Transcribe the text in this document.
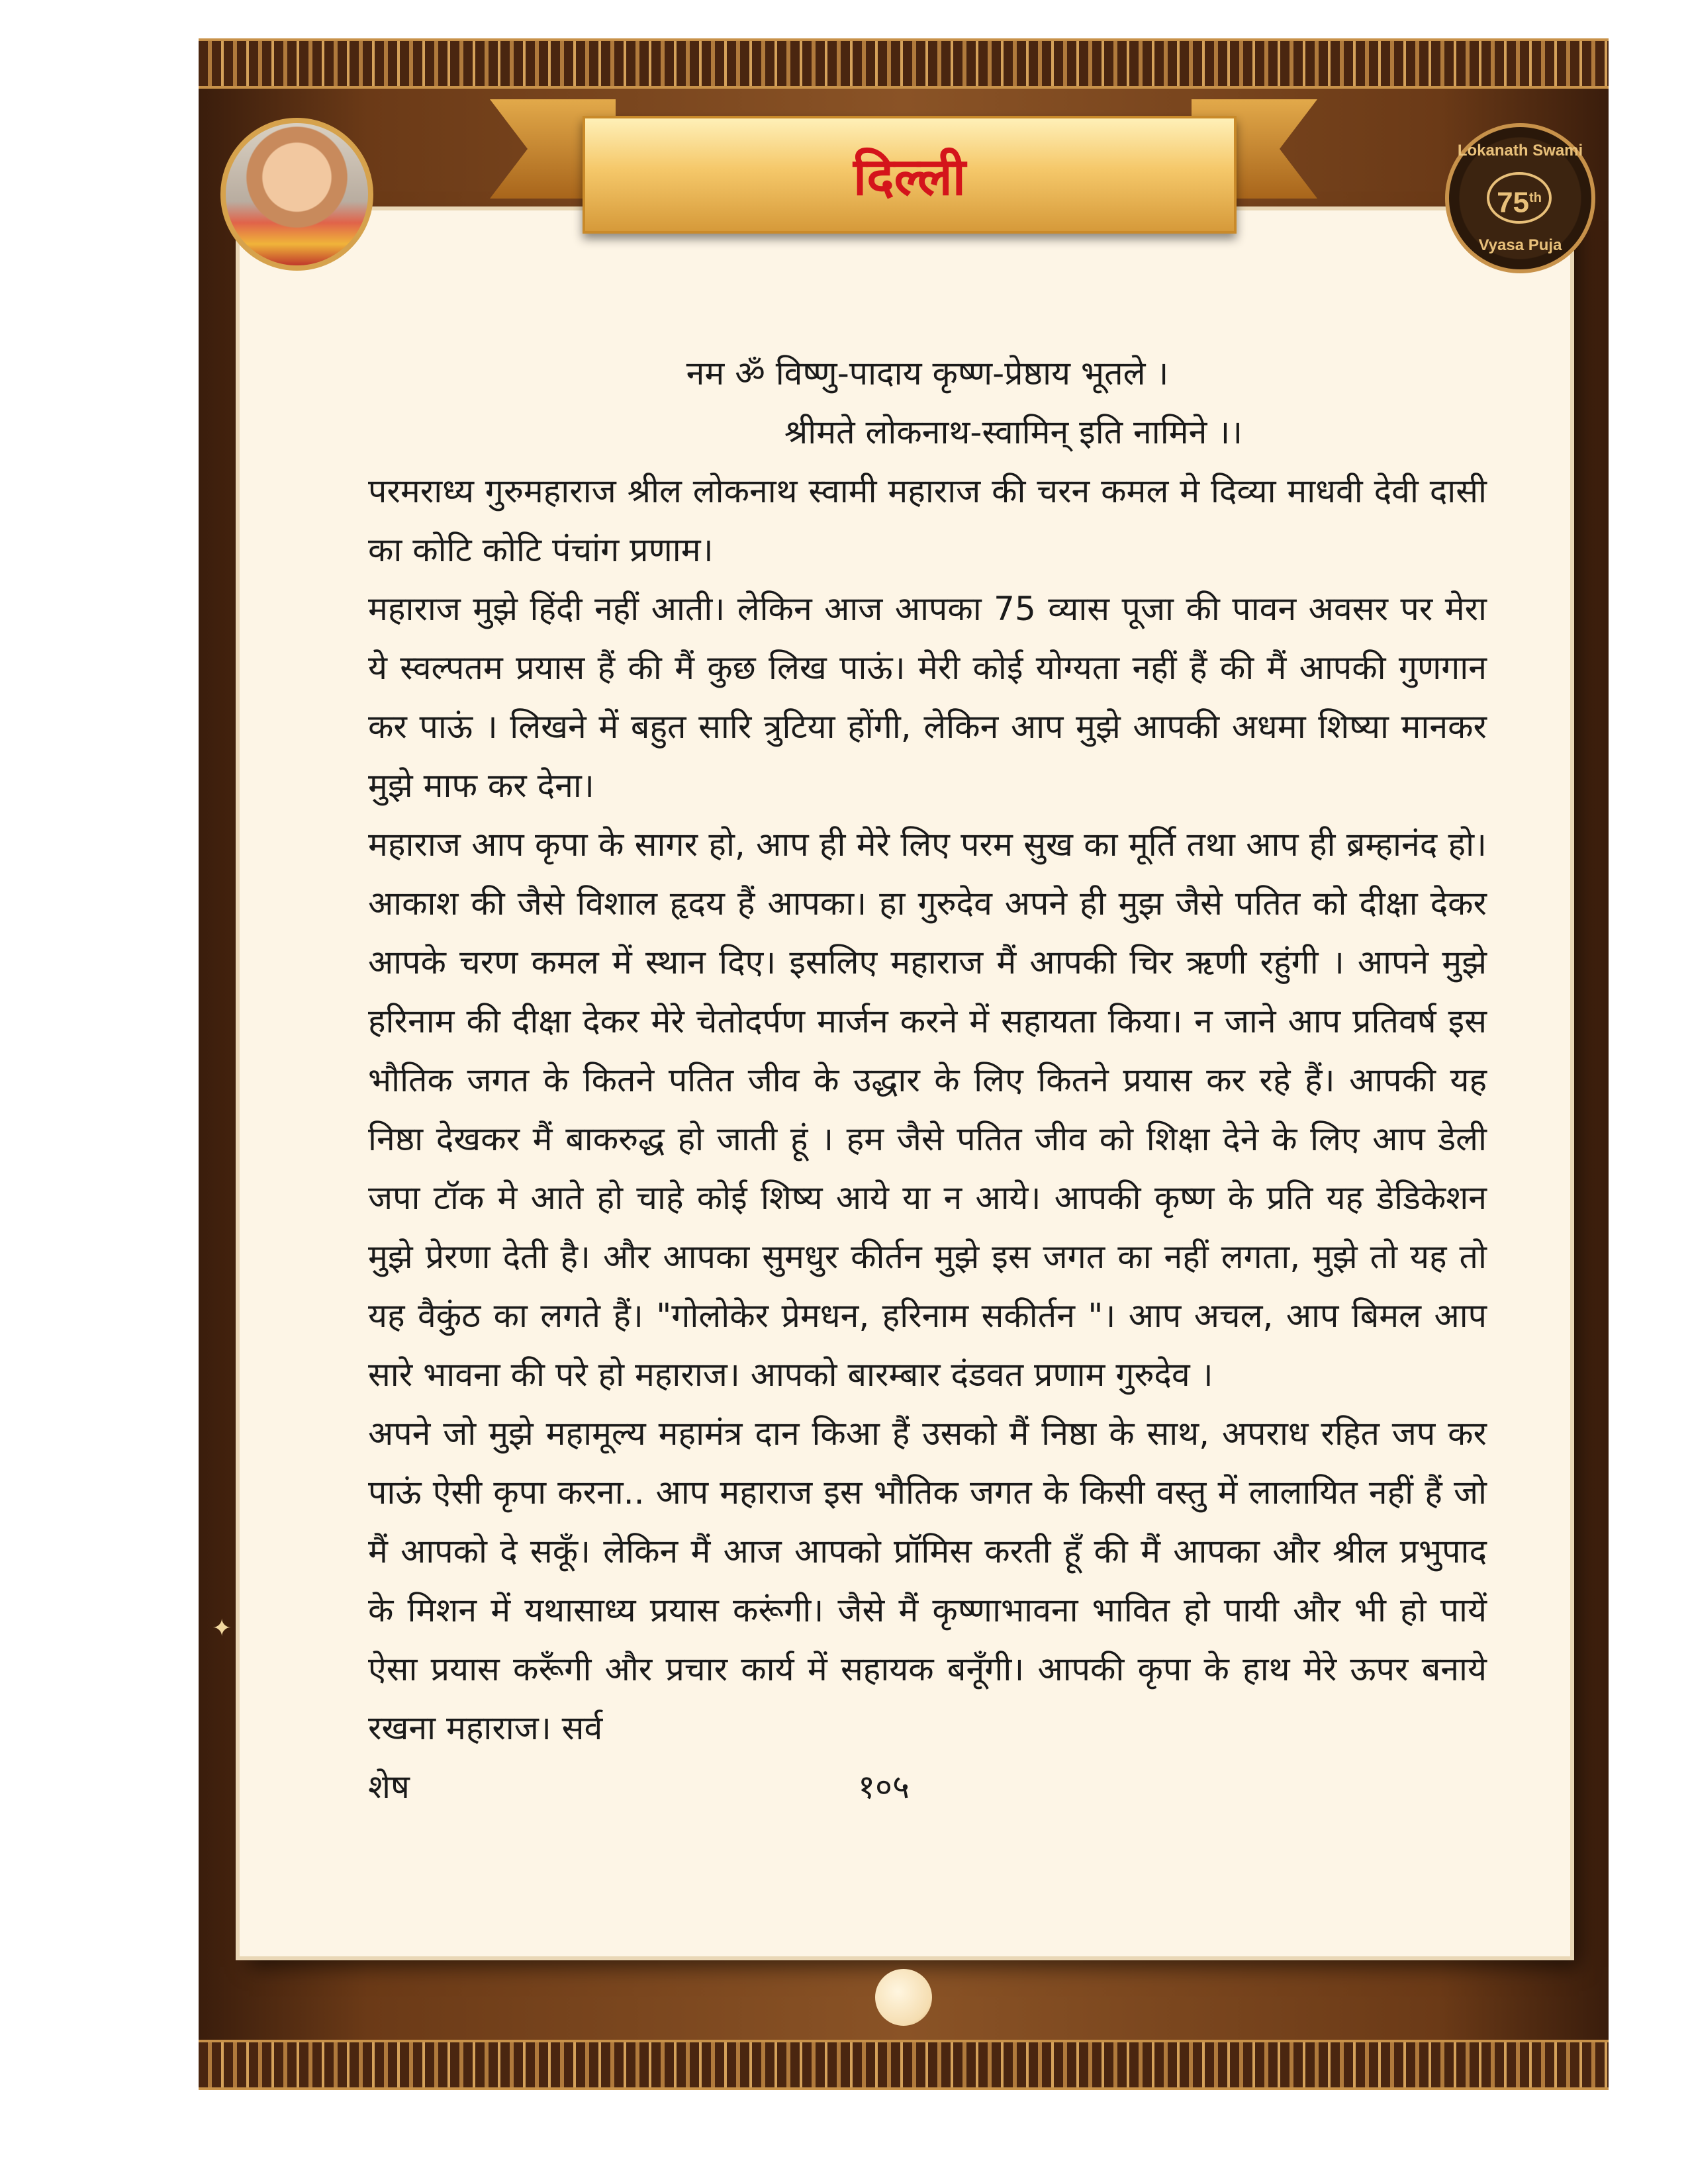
✦
दिल्ली	Lokanath Swami
75th
Vyasa Puja

नम ॐ विष्णु-पादाय कृष्ण-प्रेष्ठाय भूतले ।

श्रीमते लोकनाथ-स्वामिन् इति नामिने ।।

परमराध्य गुरुमहाराज श्रील लोकनाथ स्वामी महाराज की चरन कमल मे दिव्या माधवी देवी दासी का कोटि कोटि पंचांग प्रणाम।

महाराज मुझे हिंदी नहीं आती। लेकिन आज आपका 75 व्यास पूजा की पावन अवसर पर मेरा ये स्वल्पतम प्रयास हैं की मैं कुछ लिख पाऊं। मेरी कोई योग्यता नहीं हैं की मैं आपकी गुणगान कर पाऊं । लिखने में बहुत सारि त्रुटिया होंगी, लेकिन आप मुझे आपकी अधमा शिष्या मानकर मुझे माफ कर देना।

महाराज आप कृपा के सागर हो, आप ही मेरे लिए परम सुख का मूर्ति तथा आप ही ब्रम्हानंद हो। आकाश की जैसे विशाल हृदय हैं आपका। हा गुरुदेव अपने ही मुझ जैसे पतित को दीक्षा देकर आपके चरण कमल में स्थान दिए। इसलिए महाराज मैं आपकी चिर ऋणी रहुंगी । आपने मुझे हरिनाम की दीक्षा देकर मेरे चेतोदर्पण मार्जन करने में सहायता किया। न जाने आप प्रतिवर्ष इस भौतिक जगत के कितने पतित जीव के उद्धार के लिए कितने प्रयास कर रहे हैं। आपकी यह निष्ठा देखकर मैं बाकरुद्ध हो जाती हूं । हम जैसे पतित जीव को शिक्षा देने के लिए आप डेली जपा टॉक मे आते हो चाहे कोई शिष्य आये या न आये। आपकी कृष्ण के प्रति यह डेडिकेशन मुझे प्रेरणा देती है। और आपका सुमधुर कीर्तन मुझे इस जगत का नहीं लगता, मुझे तो यह तो यह वैकुंठ का लगते हैं। "गोलोकेर प्रेमधन, हरिनाम सकीर्तन "। आप अचल, आप बिमल आप सारे भावना की परे हो महाराज। आपको बारम्बार दंडवत प्रणाम गुरुदेव ।

अपने जो मुझे महामूल्य महामंत्र दान किआ हैं उसको मैं निष्ठा के साथ, अपराध रहित जप कर पाऊं ऐसी कृपा करना.. आप महाराज इस भौतिक जगत के किसी वस्तु में लालायित नहीं हैं जो मैं आपको दे सकूँ। लेकिन मैं आज आपको प्रॉमिस करती हूँ की मैं आपका और श्रील प्रभुपाद के मिशन में यथासाध्य प्रयास करूंगी। जैसे मैं कृष्णाभावना भावित हो पायी और भी हो पायें ऐसा प्रयास करूँगी और प्रचार कार्य में सहायक बनूँगी। आपकी कृपा के हाथ मेरे ऊपर बनाये रखना महाराज। सर्व

शेष	१०५
